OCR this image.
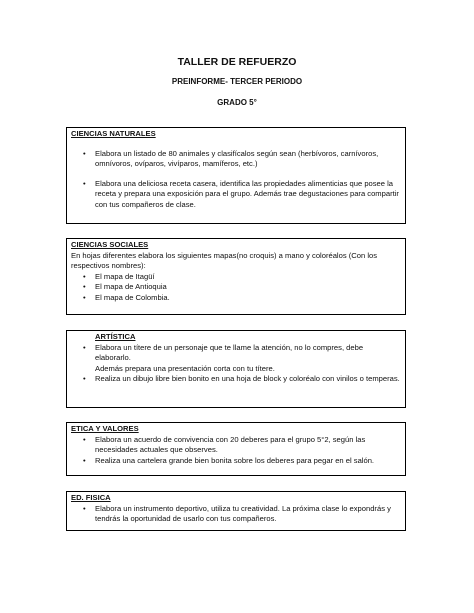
TALLER DE REFUERZO
PREINFORME- TERCER PERIODO
GRADO 5°
CIENCIAS NATURALES
• Elabora un listado de 80 animales y clasifícalos según sean (herbívoros, carnívoros, omnívoros, ovíparos, vivíparos, mamíferos, etc.)
• Elabora una deliciosa receta casera, identifica las propiedades alimenticias que posee la receta y prepara una exposición para el grupo. Además trae degustaciones para compartir con tus compañeros de clase.
CIENCIAS SOCIALES

En hojas diferentes elabora los siguientes mapas(no croquis) a mano y coloréalos (Con los respectivos nombres):

• El mapa de Itagüí
• El mapa de Antioquia
• El mapa de Colombia.
ARTÍSTICA
• Elabora un títere de un personaje que te llame la atención, no lo compres, debe elaborarlo.
Además prepara una presentación corta con tu títere.
• Realiza un dibujo libre bien bonito en una hoja de block y coloréalo con vinilos o temperas.
ETICA Y VALORES
• Elabora un acuerdo de convivencia con 20 deberes para el grupo 5°2, según las necesidades actuales que observes.
• Realiza una cartelera grande bien bonita sobre los deberes para pegar en el salón.
ED. FISICA
• Elabora un instrumento deportivo, utiliza tu creatividad. La próxima clase lo expondrás y tendrás la oportunidad de usarlo con tus compañeros.
